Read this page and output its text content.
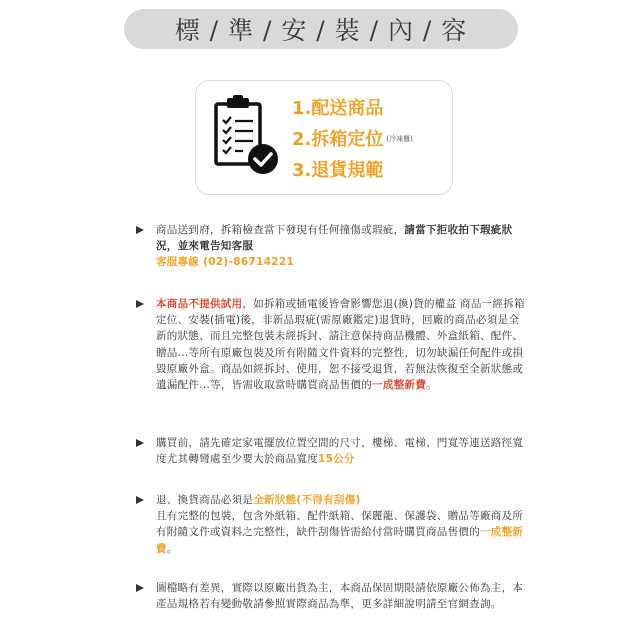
標 / 準 / 安 / 裝 / 內 / 容
1.配送商品
2.拆箱定位 $^{(冷凍櫃)}$
3.退貨規範
商品送到府，拆箱檢查當下發現有任何撞傷或瑕疵，請當下拒收拍下瑕疵狀況，並來電告知客服
客服專線 (02)-86714221
本商品不提供試用，如拆箱或插電後皆會影響您退(換)貨的權益 商品一經拆箱定位、安裝(插電)後，非新品瑕疵(需原廠鑑定)退貨時，回廠的商品必須是全新的狀態、而且完整包裝未經拆封、請注意保持商品機體、外盒紙箱、配件、贈品...等所有原廠包裝及所有附隨文件資料的完整性，切勿缺漏任何配件或損毀原廠外盒。商品如經拆封、使用，恕不接受退貨，若無法恢復至全新狀態或遺漏配件...等，皆需收取當時購買商品售價的一成整新費。
購買前，請先確定家電擺放位置空間的尺寸，樓梯、電梯、門寬等連送路徑寬度尤其轉彎處至少要大於商品寬度15公分
退、換貨商品必須是全新狀態(不得有刮傷)
且有完整的包裝，包含外紙箱、配件紙箱、保麗龍、保護袋、贈品等廠商及所有附隨文件或資料之完整性，缺件刮傷皆需給付當時購買商品售價的一成整新費。
圖檔略有差異，實際以原廠出貨為主，本商品保固期限請依原廠公佈為主，本產品規格若有變動敬請參照實際商品為準，更多詳細說明請至官網查詢。
